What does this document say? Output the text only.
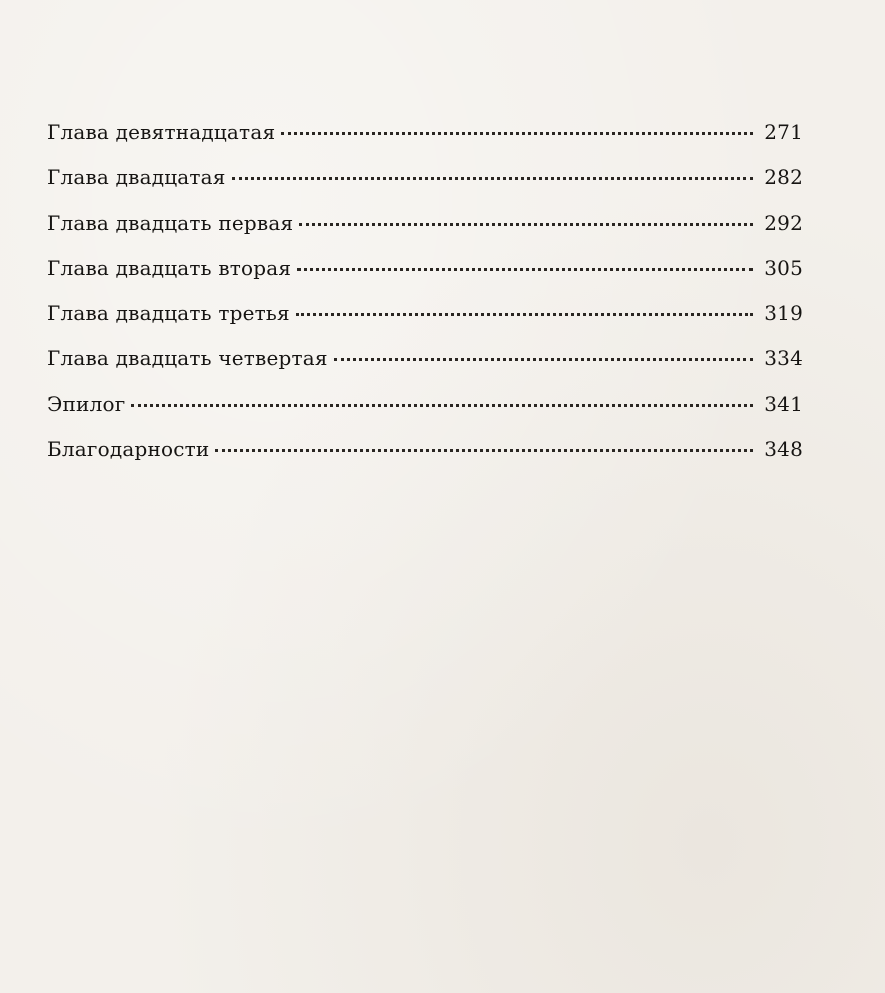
Глава девятнадцатая	271
Глава двадцатая	282
Глава двадцать первая	292
Глава двадцать вторая	305
Глава двадцать третья	319
Глава двадцать четвертая	334
Эпилог	341
Благодарности	348
